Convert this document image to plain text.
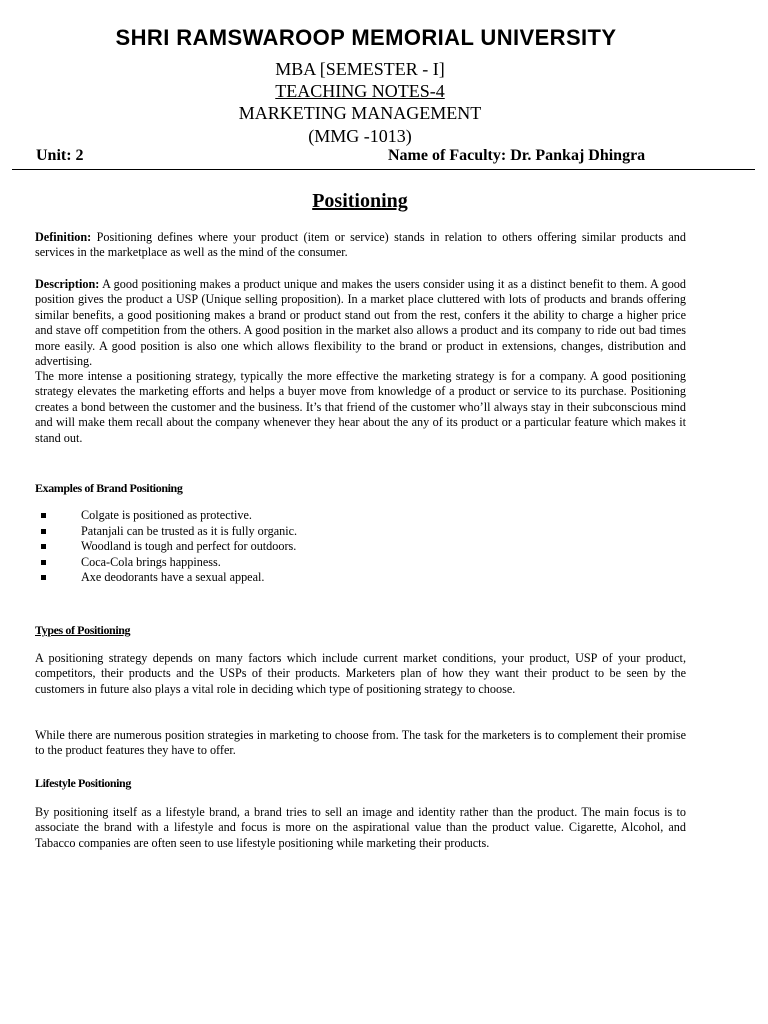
SHRI RAMSWAROOP MEMORIAL UNIVERSITY
MBA [SEMESTER - I]
TEACHING NOTES-4
MARKETING MANAGEMENT
(MMG -1013)
Unit: 2	Name of Faculty: Dr. Pankaj Dhingra
Positioning
Definition: Positioning defines where your product (item or service) stands in relation to others offering similar products and services in the marketplace as well as the mind of the consumer.
Description: A good positioning makes a product unique and makes the users consider using it as a distinct benefit to them. A good position gives the product a USP (Unique selling proposition). In a market place cluttered with lots of products and brands offering similar benefits, a good positioning makes a brand or product stand out from the rest, confers it the ability to charge a higher price and stave off competition from the others. A good position in the market also allows a product and its company to ride out bad times more easily. A good position is also one which allows flexibility to the brand or product in extensions, changes, distribution and advertising.
The more intense a positioning strategy, typically the more effective the marketing strategy is for a company. A good positioning strategy elevates the marketing efforts and helps a buyer move from knowledge of a product or service to its purchase. Positioning creates a bond between the customer and the business. It’s that friend of the customer who’ll always stay in their subconscious mind and will make them recall about the company whenever they hear about the any of its product or a particular feature which makes it stand out.
Examples of Brand Positioning
Colgate is positioned as protective.
Patanjali can be trusted as it is fully organic.
Woodland is tough and perfect for outdoors.
Coca-Cola brings happiness.
Axe deodorants have a sexual appeal.
Types of Positioning
A positioning strategy depends on many factors which include current market conditions, your product, USP of your product, competitors, their products and the USPs of their products. Marketers plan of how they want their product to be seen by the customers in future also plays a vital role in deciding which type of positioning strategy to choose.
While there are numerous position strategies in marketing to choose from. The task for the marketers is to complement their promise to the product features they have to offer.
Lifestyle Positioning
By positioning itself as a lifestyle brand, a brand tries to sell an image and identity rather than the product. The main focus is to associate the brand with a lifestyle and focus is more on the aspirational value than the product value. Cigarette, Alcohol, and Tabacco companies are often seen to use lifestyle positioning while marketing their products.
